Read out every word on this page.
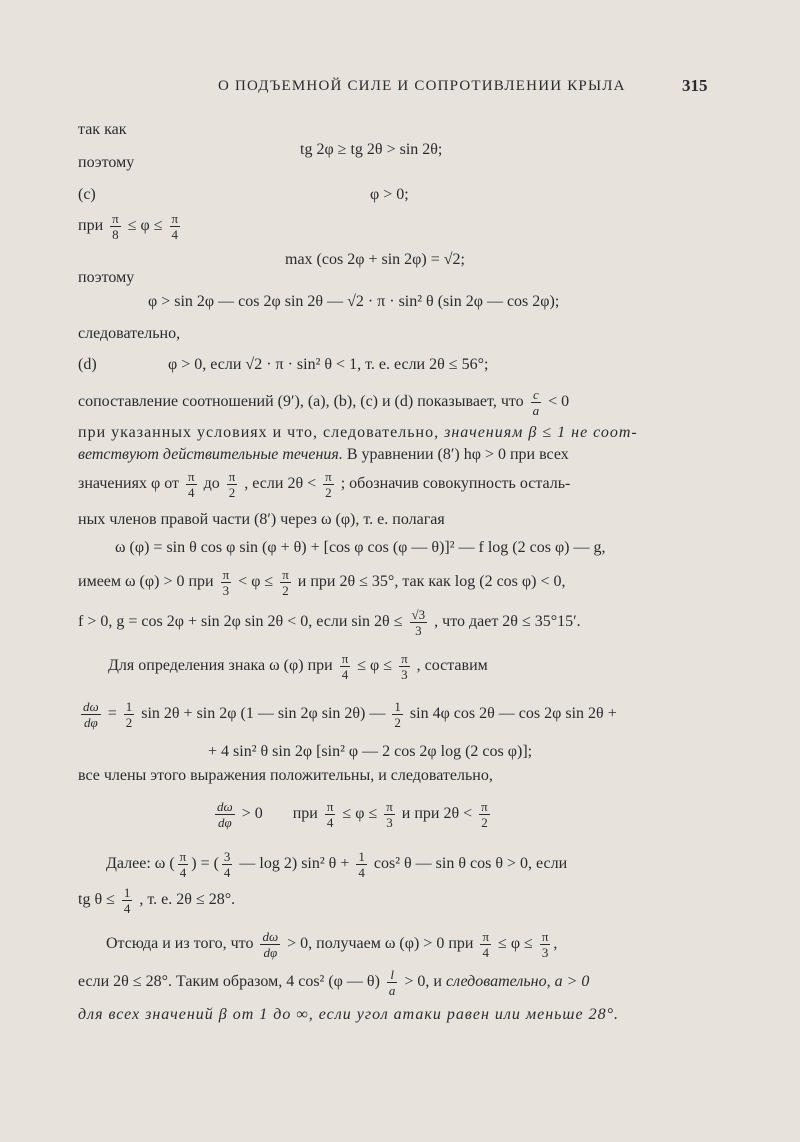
О ПОДЪЕМНОЙ СИЛЕ И СОПРОТИВЛЕНИИ КРЫЛА	315
так как
tg 2φ ≥ tg 2θ > sin 2θ;
поэтому
(c)	φ > 0;
при $\frac{\pi}{8} \le \varphi \le \frac{\pi}{4}$
max (cos 2φ + sin 2φ) = √2;
поэтому
φ > sin 2φ — cos 2φ sin 2θ — √2 · π · sin² θ (sin 2φ — cos 2φ);
следовательно,
(d)	φ > 0, если √2 · π · sin² θ < 1, т. е. если 2θ ≤ 56°;
сопоставление соотношений (9′), (a), (b), (c) и (d) показывает, что $\frac{c}{a} < 0$
при указанных условиях и что, следовательно, значениям β ≤ 1 не соот-
ветствуют действительные течения. В уравнении (8′) hφ > 0 при всех
значениях φ от $\frac{\pi}{4}$ до $\frac{\pi}{2}$ , если $2\theta < \frac{\pi}{2}$ ; обозначив совокупность осталь-
ных членов правой части (8′) через ω (φ), т. е. полагая
ω (φ) = sin θ cos φ sin (φ + θ) + [cos φ cos (φ — θ)]² — f log (2 cos φ) — g,
имеем ω (φ) > 0 при $\frac{\pi}{3} < \varphi \le \frac{\pi}{2}$ и при 2θ ≤ 35°, так как log (2 cos φ) < 0,
f > 0, g = cos 2φ + sin 2φ sin 2θ < 0, если $\sin 2\theta \le \frac{√3}{3}$ , что дает 2θ ≤ 35°15′.
Для определения знака ω (φ) при $\frac{\pi}{4} \le \varphi \le \frac{\pi}{3}$ , составим
$\frac{d\omega}{d\varphi} = \frac{1}{2}$ sin 2θ + sin 2φ (1 — sin 2φ sin 2θ) — $\frac{1}{2}$ sin 4φ cos 2θ — cos 2φ sin 2θ +
+ 4 sin² θ sin 2φ [sin² φ — 2 cos 2φ log (2 cos φ)];
все члены этого выражения положительны, и следовательно,
$\frac{d\omega}{d\varphi} > 0$ при $\frac{\pi}{4} \le \varphi \le \frac{\pi}{3}$ и при $2\theta < \frac{\pi}{2}$
Далее: ω ( $\frac{\pi}{4}$ ) = ( $\frac{3}{4}$ — log 2) sin² $\theta + \frac{1}{4} \cos^2$ θ — sin θ cos θ > 0, если
tg $\theta \le \frac{1}{4}$ , т. е. 2θ ≤ 28°.
Отсюда и из того, что $\frac{d\omega}{d\varphi} > 0$, получаем ω (φ) > 0 при $\frac{\pi}{4} \le \varphi \le \frac{\pi}{3}$ ,
если 2θ ≤ 28°. Таким образом, 4 cos² (φ — $\theta) \frac{l}{a} > 0$, и следовательно, a > 0
для всех значений β от 1 до ∞, если угол атаки равен или меньше 28°.
